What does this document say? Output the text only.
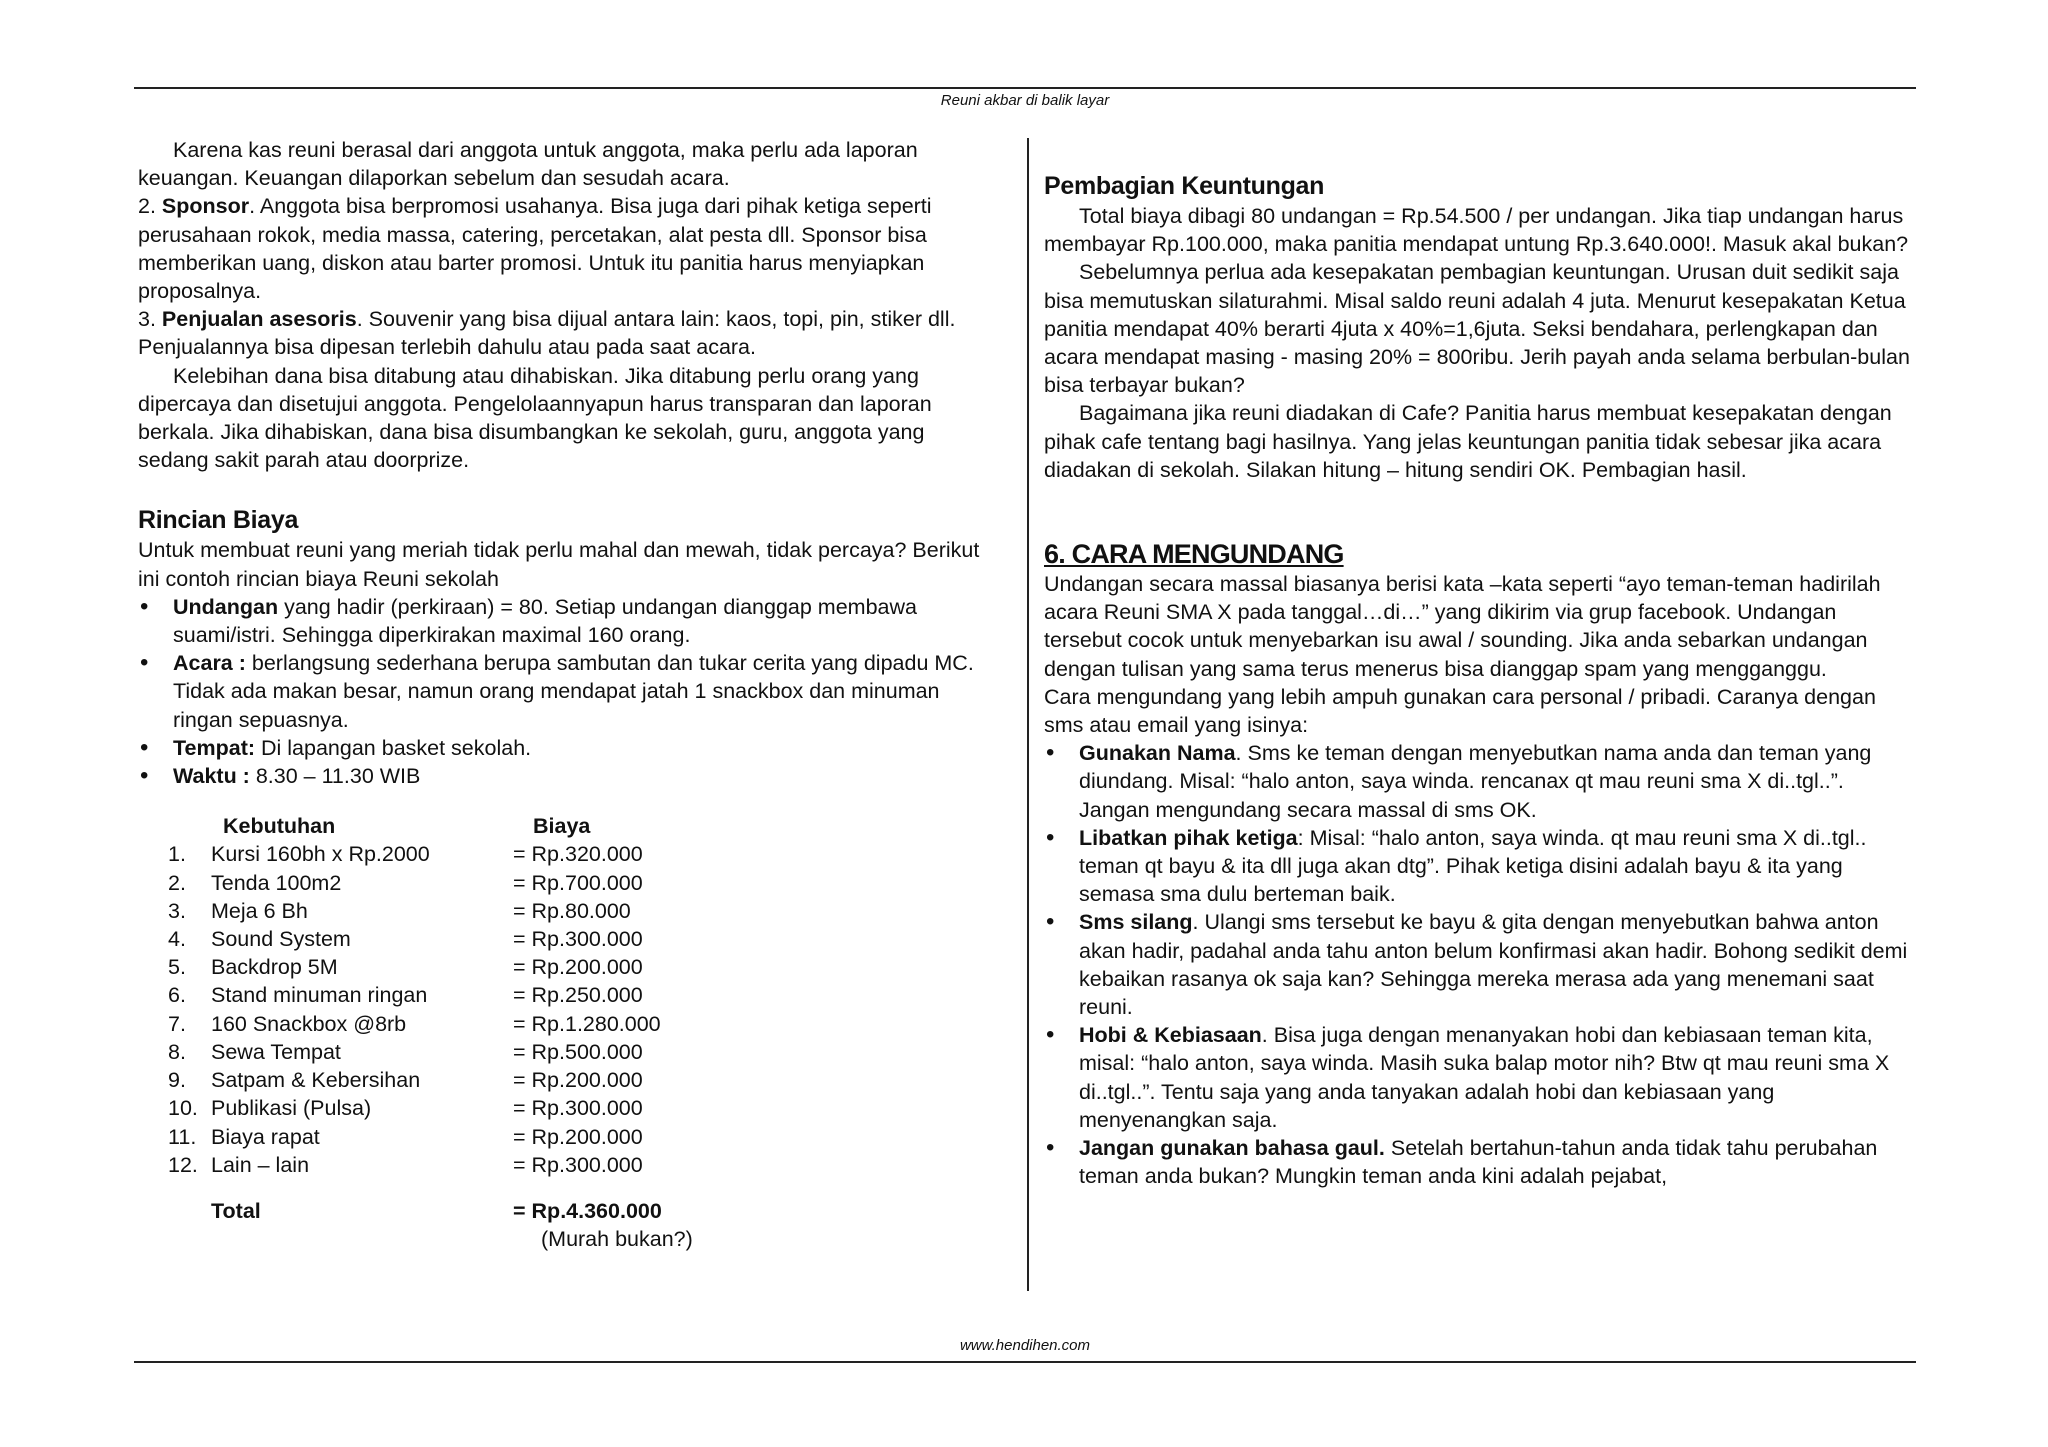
Reuni akbar di balik layar

Karena kas reuni berasal dari anggota untuk anggota, maka perlu ada laporan keuangan. Keuangan dilaporkan sebelum dan sesudah acara.

2. Sponsor. Anggota bisa berpromosi usahanya. Bisa juga dari pihak ketiga seperti perusahaan rokok, media massa, catering, percetakan, alat pesta dll. Sponsor bisa memberikan uang, diskon atau barter promosi. Untuk itu panitia harus menyiapkan proposalnya.

3. Penjualan asesoris. Souvenir yang bisa dijual antara lain: kaos, topi, pin, stiker dll. Penjualannya bisa dipesan terlebih dahulu atau pada saat acara.

Kelebihan dana bisa ditabung atau dihabiskan. Jika ditabung perlu orang yang dipercaya dan disetujui anggota. Pengelolaannyapun harus transparan dan laporan berkala. Jika dihabiskan, dana bisa disumbangkan ke sekolah, guru, anggota yang sedang sakit parah atau doorprize.

Rincian Biaya

Untuk membuat reuni yang meriah tidak perlu mahal dan mewah, tidak percaya? Berikut ini contoh rincian biaya Reuni sekolah

• Undangan yang hadir (perkiraan) = 80. Setiap undangan dianggap membawa suami/istri. Sehingga diperkirakan maximal 160 orang.
• Acara : berlangsung sederhana berupa sambutan dan tukar cerita yang dipadu MC. Tidak ada makan besar, namun orang mendapat jatah 1 snackbox dan minuman ringan sepuasnya.
• Tempat: Di lapangan basket sekolah.
• Waktu : 8.30 – 11.30 WIB
	Kebutuhan	Biaya
1.	Kursi 160bh x Rp.2000	= Rp.320.000
2.	Tenda 100m2	= Rp.700.000
3.	Meja 6 Bh	= Rp.80.000
4.	Sound System	= Rp.300.000
5.	Backdrop 5M	= Rp.200.000
6.	Stand minuman ringan	= Rp.250.000
7.	160 Snackbox @8rb	= Rp.1.280.000
8.	Sewa Tempat	= Rp.500.000
9.	Satpam & Kebersihan	= Rp.200.000
10.	Publikasi (Pulsa)	= Rp.300.000
11.	Biaya rapat	= Rp.200.000
12.	Lain – lain	= Rp.300.000

	Total	= Rp.4.360.000
		(Murah bukan?)
Pembagian Keuntungan

Total biaya dibagi 80 undangan = Rp.54.500 / per undangan. Jika tiap undangan harus membayar Rp.100.000, maka panitia mendapat untung Rp.3.640.000!. Masuk akal bukan?

Sebelumnya perlua ada kesepakatan pembagian keuntungan. Urusan duit sedikit saja bisa memutuskan silaturahmi. Misal saldo reuni adalah 4 juta. Menurut kesepakatan Ketua panitia mendapat 40% berarti 4juta x 40%=1,6juta. Seksi bendahara, perlengkapan dan acara mendapat masing - masing 20% = 800ribu. Jerih payah anda selama berbulan-bulan bisa terbayar bukan?

Bagaimana jika reuni diadakan di Cafe? Panitia harus membuat kesepakatan dengan pihak cafe tentang bagi hasilnya. Yang jelas keuntungan panitia tidak sebesar jika acara diadakan di sekolah. Silakan hitung – hitung sendiri OK. Pembagian hasil.

6. CARA MENGUNDANG

Undangan secara massal biasanya berisi kata –kata seperti “ayo teman-teman hadirilah acara Reuni SMA X pada tanggal…di…” yang dikirim via grup facebook. Undangan tersebut cocok untuk menyebarkan isu awal / sounding. Jika anda sebarkan undangan dengan tulisan yang sama terus menerus bisa dianggap spam yang mengganggu.

Cara mengundang yang lebih ampuh gunakan cara personal / pribadi. Caranya dengan sms atau email yang isinya:

• Gunakan Nama. Sms ke teman dengan menyebutkan nama anda dan teman yang diundang. Misal: “halo anton, saya winda. rencanax qt mau reuni sma X di..tgl..”. Jangan mengundang secara massal di sms OK.
• Libatkan pihak ketiga: Misal: “halo anton, saya winda. qt mau reuni sma X di..tgl.. teman qt bayu & ita dll juga akan dtg”. Pihak ketiga disini adalah bayu & ita yang semasa sma dulu berteman baik.
• Sms silang. Ulangi sms tersebut ke bayu & gita dengan menyebutkan bahwa anton akan hadir, padahal anda tahu anton belum konfirmasi akan hadir. Bohong sedikit demi kebaikan rasanya ok saja kan? Sehingga mereka merasa ada yang menemani saat reuni.
• Hobi & Kebiasaan. Bisa juga dengan menanyakan hobi dan kebiasaan teman kita, misal: “halo anton, saya winda. Masih suka balap motor nih? Btw qt mau reuni sma X di..tgl..”. Tentu saja yang anda tanyakan adalah hobi dan kebiasaan yang menyenangkan saja.
• Jangan gunakan bahasa gaul. Setelah bertahun-tahun anda tidak tahu perubahan teman anda bukan? Mungkin teman anda kini adalah pejabat,
www.hendihen.com
